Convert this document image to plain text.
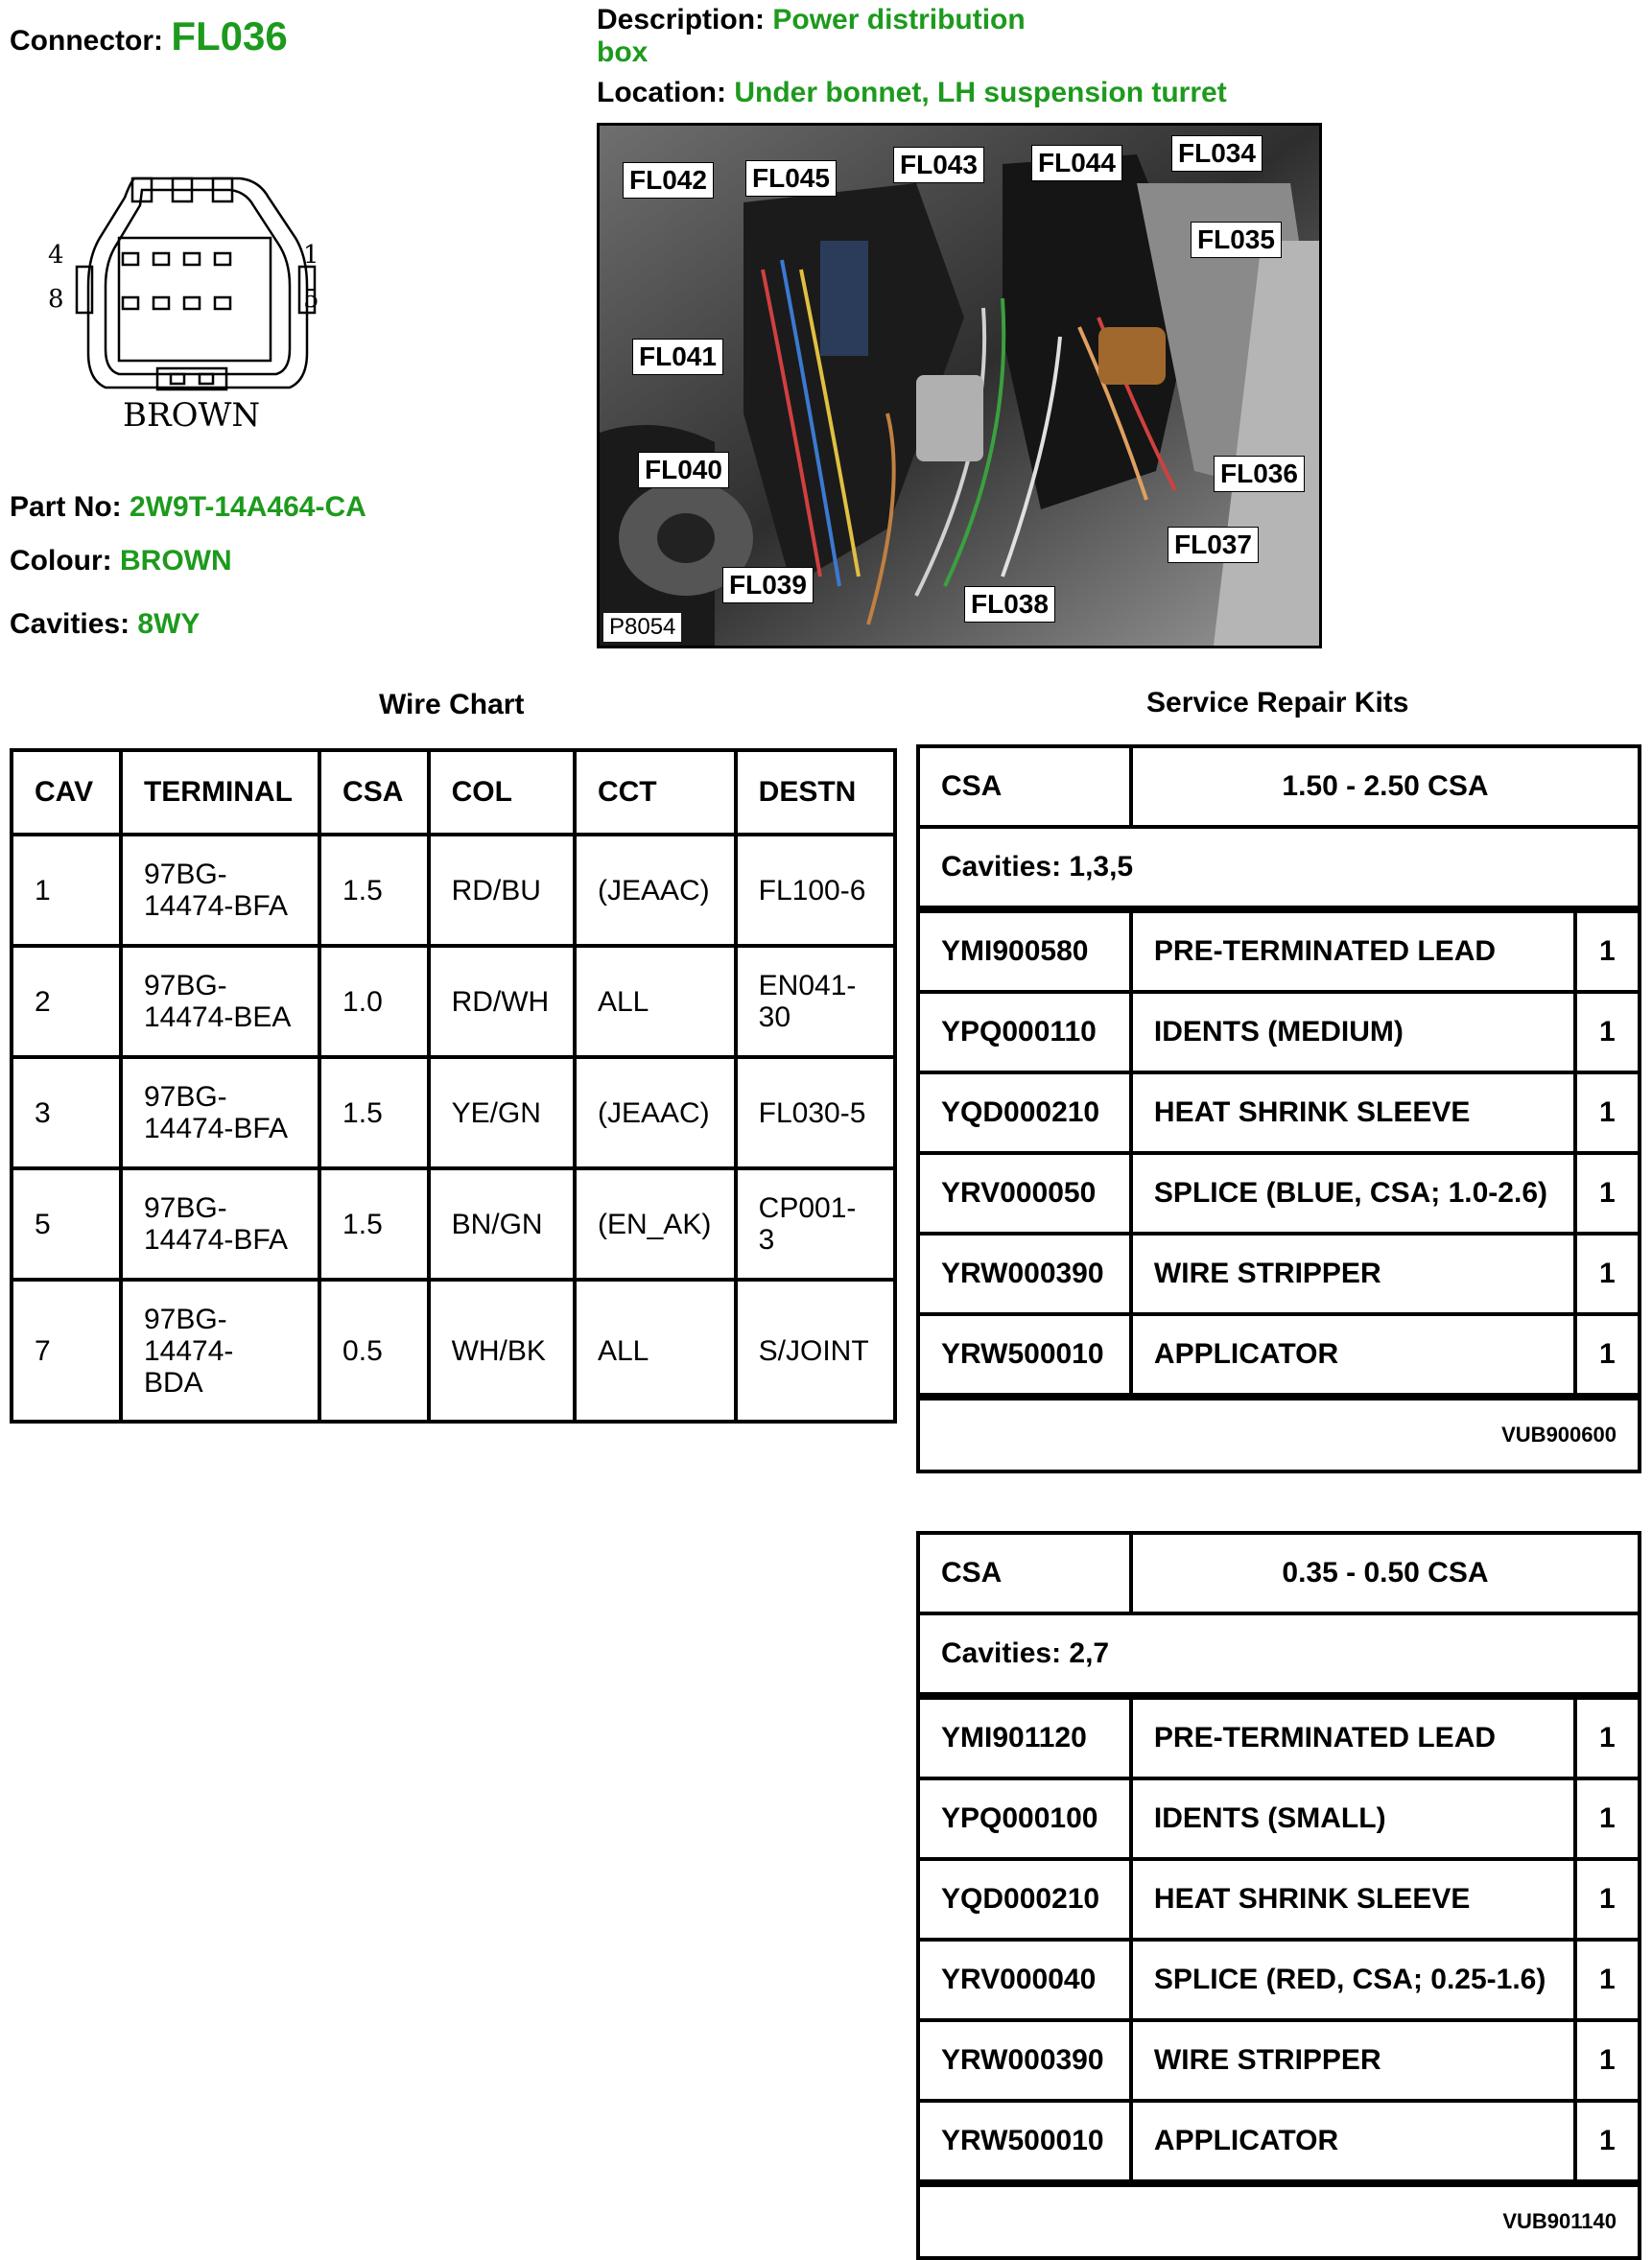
Connector: FL036	Description: Power distribution
box
Location: Under bonnet, LH suspension turret
4	1
8	5
BROWN
Part No: 2W9T-14A464-CA
Colour: BROWN
Cavities: 8WY
FL042 FL045	FL043 FL044 FL034
FL035
FL041
FL040	FL036
FL037
FL039
FL038
P8054
Wire Chart
CAV	TERMINAL	CSA	COL	CCT	DESTN
1	97BG-
14474-BFA	1.5	RD/BU	(JEAAC)	FL100-6
2	97BG-
14474-BEA	1.0	RD/WH	ALL	EN041-
30
3	97BG-
14474-BFA	1.5	YE/GN	(JEAAC)	FL030-5
5	97BG-
14474-BFA	1.5	BN/GN	(EN_AK)	CP001-
3
7	97BG-
14474-
BDA	0.5	WH/BK	ALL	S/JOINT
Service Repair Kits
CSA	1.50 - 2.50 CSA	
Cavities: 1,3,5		
YMI900580	PRE-TERMINATED LEAD	1
YPQ000110	IDENTS (MEDIUM)	1
YQD000210	HEAT SHRINK SLEEVE	1
YRV000050	SPLICE (BLUE, CSA; 1.0-2.6)	1
YRW000390	WIRE STRIPPER	1
YRW500010	APPLICATOR	1
VUB900600		
CSA	0.35 - 0.50 CSA	
Cavities: 2,7		
YMI901120	PRE-TERMINATED LEAD	1
YPQ000100	IDENTS (SMALL)	1
YQD000210	HEAT SHRINK SLEEVE	1
YRV000040	SPLICE (RED, CSA; 0.25-1.6)	1
YRW000390	WIRE STRIPPER	1
YRW500010	APPLICATOR	1
VUB901140		
